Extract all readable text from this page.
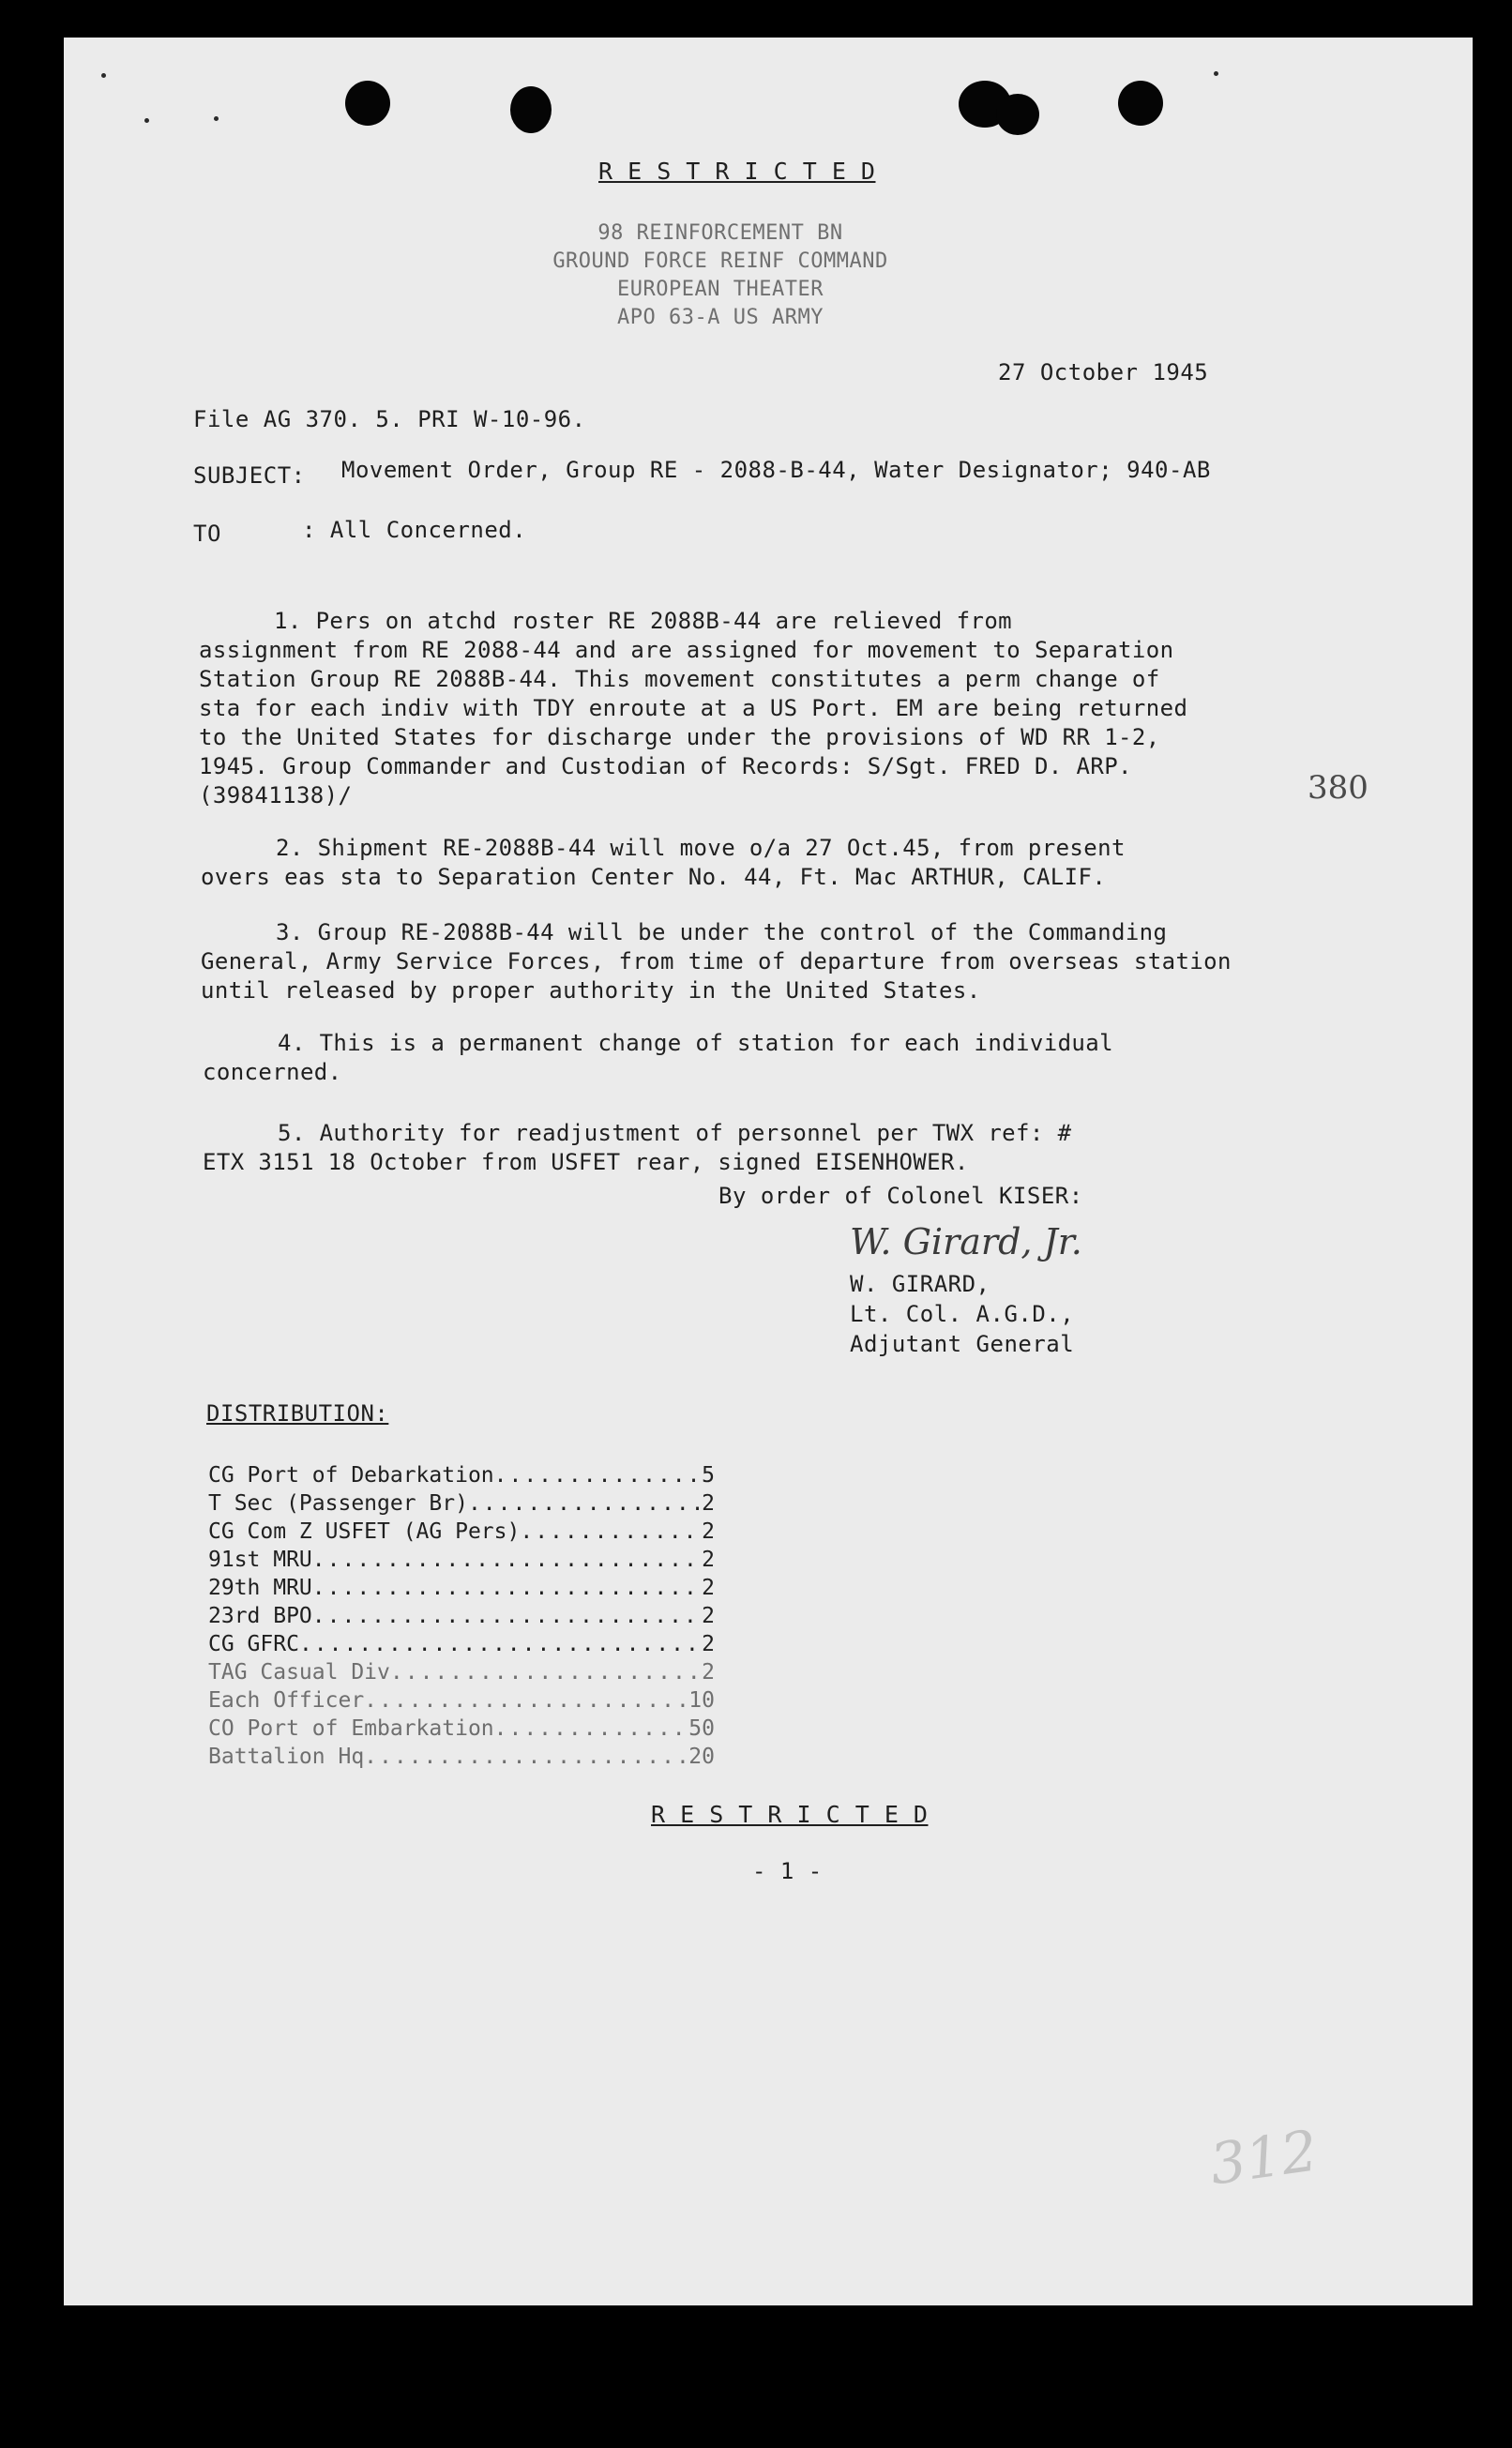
R E S T R I C T E D
98 REINFORCEMENT BN
GROUND FORCE REINF COMMAND
EUROPEAN THEATER
APO 63-A US ARMY
27 October 1945
File AG 370. 5. PRI W-10-96.
SUBJECT: Movement Order, Group RE - 2088-B-44, Water Designator; 940-AB
TO	: All Concerned.

1. Pers on atchd roster RE 2088B-44 are relieved from
assignment from RE 2088-44 and are assigned for movement to Separation
Station Group RE 2088B-44. This movement constitutes a perm change of
sta for each indiv with TDY enroute at a US Port. EM are being returned
to the United States for discharge under the provisions of WD RR 1-2,
1945. Group Commander and Custodian of Records: S/Sgt. FRED D. ARP.
(39841138)/

2. Shipment RE-2088B-44 will move o/a 27 Oct.45, from present
overs eas sta to Separation Center No. 44, Ft. Mac ARTHUR, CALIF.

3. Group RE-2088B-44 will be under the control of the Commanding
General, Army Service Forces, from time of departure from overseas station
until released by proper authority in the United States.

4. This is a permanent change of station for each individual
concerned.

5. Authority for readjustment of personnel per TWX ref: #
ETX 3151 18 October from USFET rear, signed EISENHOWER.

By order of Colonel KISER:
W. Girard, Jr.
W. GIRARD,
Lt. Col. A.G.D.,
Adjutant General
DISTRIBUTION:
CG Port of Debarkation .....	5
T Sec (Passenger Br) .....	2
CG Com Z USFET (AG Pers) .....	2
91st MRU .....	2
29th MRU .....	2
23rd BPO .....	2
CG GFRC .....	2
TAG Casual Div .....	2
Each Officer .....	10
CO Port of Embarkation .....	50
Battalion Hq .....	20
R E S T R I C T E D
- 1 -
380
312
